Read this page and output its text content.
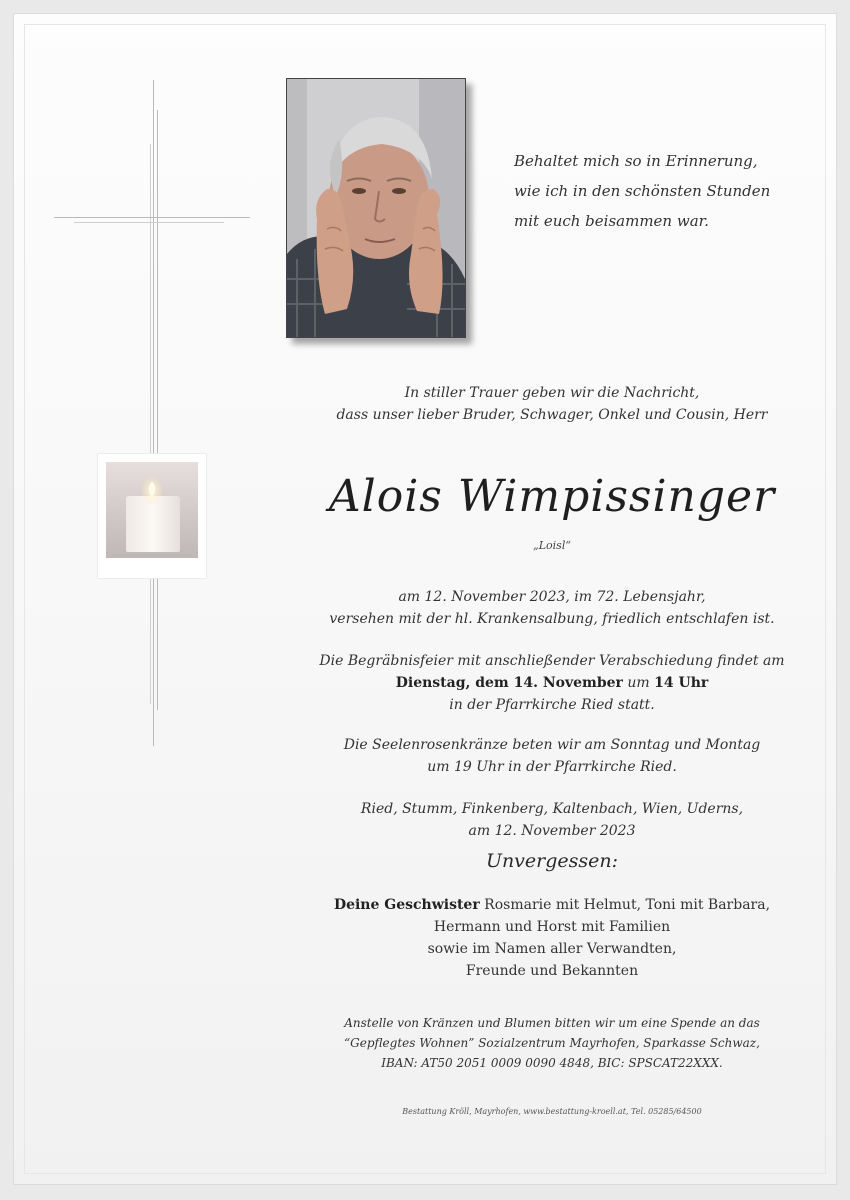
Behaltet mich so in Erinnerung,
wie ich in den schönsten Stunden
mit euch beisammen war.
In stiller Trauer geben wir die Nachricht,
dass unser lieber Bruder, Schwager, Onkel und Cousin, Herr
Alois Wimpissinger
„Loisl“
am 12. November 2023, im 72. Lebensjahr,
versehen mit der hl. Krankensalbung, friedlich entschlafen ist.
Die Begräbnisfeier mit anschließender Verabschiedung findet am
Dienstag, dem 14. November um 14 Uhr
in der Pfarrkirche Ried statt.
Die Seelenrosenkränze beten wir am Sonntag und Montag
um 19 Uhr in der Pfarrkirche Ried.
Ried, Stumm, Finkenberg, Kaltenbach, Wien, Uderns,
am 12. November 2023
Unvergessen:
Deine Geschwister Rosmarie mit Helmut, Toni mit Barbara,
Hermann und Horst mit Familien
sowie im Namen aller Verwandten,
Freunde und Bekannten
Anstelle von Kränzen und Blumen bitten wir um eine Spende an das
“Gepflegtes Wohnen” Sozialzentrum Mayrhofen, Sparkasse Schwaz,
IBAN: AT50 2051 0009 0090 4848, BIC: SPSCAT22XXX.
Bestattung Kröll, Mayrhofen, www.bestattung-kroell.at, Tel. 05285/64500
